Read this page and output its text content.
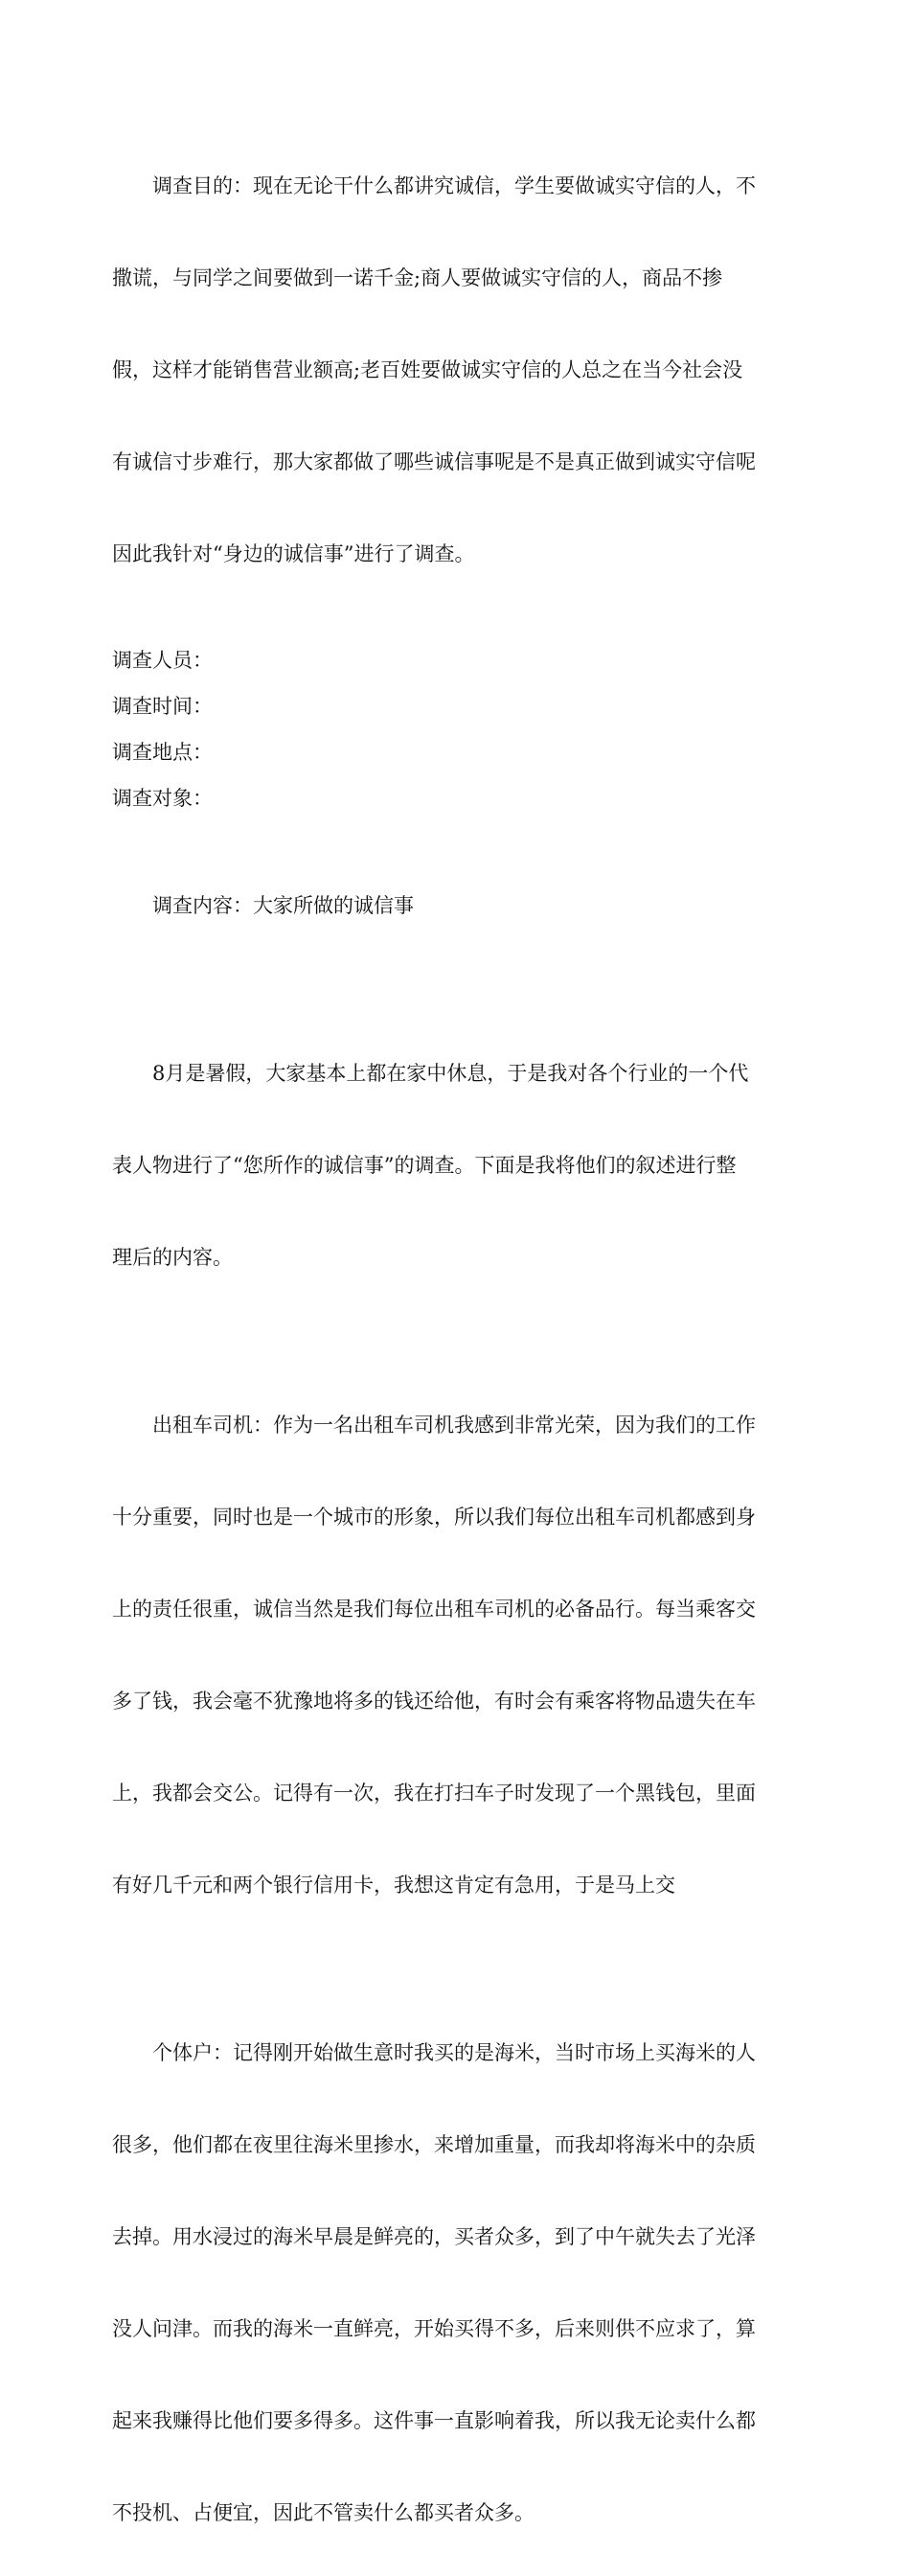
　　调查目的：现在无论干什么都讲究诚信，学生要做诚实守信的人，不

撒谎，与同学之间要做到一诺千金;商人要做诚实守信的人，商品不掺

假，这样才能销售营业额高;老百姓要做诚实守信的人总之在当今社会没

有诚信寸步难行，那大家都做了哪些诚信事呢是不是真正做到诚实守信呢

因此我针对“身边的诚信事”进行了调查。

调查人员：
调查时间：
调查地点：
调查对象：

　　调查内容：大家所做的诚信事

　　8月是暑假，大家基本上都在家中休息，于是我对各个行业的一个代

表人物进行了“您所作的诚信事”的调查。下面是我将他们的叙述进行整

理后的内容。

　　出租车司机：作为一名出租车司机我感到非常光荣，因为我们的工作

十分重要，同时也是一个城市的形象，所以我们每位出租车司机都感到身

上的责任很重，诚信当然是我们每位出租车司机的必备品行。每当乘客交

多了钱，我会毫不犹豫地将多的钱还给他，有时会有乘客将物品遗失在车

上，我都会交公。记得有一次，我在打扫车子时发现了一个黑钱包，里面

有好几千元和两个银行信用卡，我想这肯定有急用，于是马上交

　　个体户：记得刚开始做生意时我买的是海米，当时市场上买海米的人

很多，他们都在夜里往海米里掺水，来增加重量，而我却将海米中的杂质

去掉。用水浸过的海米早晨是鲜亮的，买者众多，到了中午就失去了光泽

没人问津。而我的海米一直鲜亮，开始买得不多，后来则供不应求了，算

起来我赚得比他们要多得多。这件事一直影响着我，所以我无论卖什么都

不投机、占便宜，因此不管卖什么都买者众多。
